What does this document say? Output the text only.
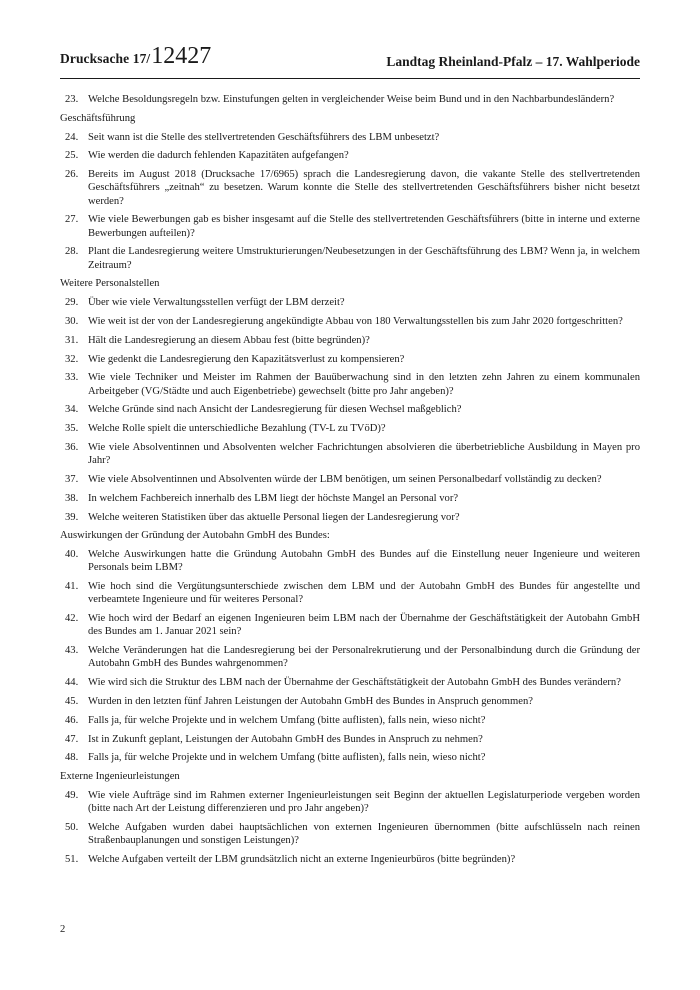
Drucksache 17/12427	Landtag Rheinland-Pfalz – 17. Wahlperiode
23. Welche Besoldungsregeln bzw. Einstufungen gelten in vergleichender Weise beim Bund und in den Nachbarbundesländern?
Geschäftsführung
24. Seit wann ist die Stelle des stellvertretenden Geschäftsführers des LBM unbesetzt?
25. Wie werden die dadurch fehlenden Kapazitäten aufgefangen?
26. Bereits im August 2018 (Drucksache 17/6965) sprach die Landesregierung davon, die vakante Stelle des stellvertretenden Geschäftsführers „zeitnah“ zu besetzen. Warum konnte die Stelle des stellvertretenden Geschäftsführers bisher nicht besetzt werden?
27. Wie viele Bewerbungen gab es bisher insgesamt auf die Stelle des stellvertretenden Geschäftsführers (bitte in interne und externe Bewerbungen aufteilen)?
28. Plant die Landesregierung weitere Umstrukturierungen/Neubesetzungen in der Geschäftsführung des LBM? Wenn ja, in welchem Zeitraum?
Weitere Personalstellen
29. Über wie viele Verwaltungsstellen verfügt der LBM derzeit?
30. Wie weit ist der von der Landesregierung angekündigte Abbau von 180 Verwaltungsstellen bis zum Jahr 2020 fortgeschritten?
31. Hält die Landesregierung an diesem Abbau fest (bitte begründen)?
32. Wie gedenkt die Landesregierung den Kapazitätsverlust zu kompensieren?
33. Wie viele Techniker und Meister im Rahmen der Bauüberwachung sind in den letzten zehn Jahren zu einem kommunalen Arbeitgeber (VG/Städte und auch Eigenbetriebe) gewechselt (bitte pro Jahr angeben)?
34. Welche Gründe sind nach Ansicht der Landesregierung für diesen Wechsel maßgeblich?
35. Welche Rolle spielt die unterschiedliche Bezahlung (TV-L zu TVöD)?
36. Wie viele Absolventinnen und Absolventen welcher Fachrichtungen absolvieren die überbetriebliche Ausbildung in Mayen pro Jahr?
37. Wie viele Absolventinnen und Absolventen würde der LBM benötigen, um seinen Personalbedarf vollständig zu decken?
38. In welchem Fachbereich innerhalb des LBM liegt der höchste Mangel an Personal vor?
39. Welche weiteren Statistiken über das aktuelle Personal liegen der Landesregierung vor?
Auswirkungen der Gründung der Autobahn GmbH des Bundes:
40. Welche Auswirkungen hatte die Gründung Autobahn GmbH des Bundes auf die Einstellung neuer Ingenieure und weiteren Personals beim LBM?
41. Wie hoch sind die Vergütungsunterschiede zwischen dem LBM und der Autobahn GmbH des Bundes für angestellte und verbeamtete Ingenieure und für weiteres Personal?
42. Wie hoch wird der Bedarf an eigenen Ingenieuren beim LBM nach der Übernahme der Geschäftstätigkeit der Autobahn GmbH des Bundes am 1. Januar 2021 sein?
43. Welche Veränderungen hat die Landesregierung bei der Personalrekrutierung und der Personalbindung durch die Gründung der Autobahn GmbH des Bundes wahrgenommen?
44. Wie wird sich die Struktur des LBM nach der Übernahme der Geschäftstätigkeit der Autobahn GmbH des Bundes verändern?
45. Wurden in den letzten fünf Jahren Leistungen der Autobahn GmbH des Bundes in Anspruch genommen?
46. Falls ja, für welche Projekte und in welchem Umfang (bitte auflisten), falls nein, wieso nicht?
47. Ist in Zukunft geplant, Leistungen der Autobahn GmbH des Bundes in Anspruch zu nehmen?
48. Falls ja, für welche Projekte und in welchem Umfang (bitte auflisten), falls nein, wieso nicht?
Externe Ingenieurleistungen
49. Wie viele Aufträge sind im Rahmen externer Ingenieurleistungen seit Beginn der aktuellen Legislaturperiode vergeben worden (bitte nach Art der Leistung differenzieren und pro Jahr angeben)?
50. Welche Aufgaben wurden dabei hauptsächlichen von externen Ingenieuren übernommen (bitte aufschlüsseln nach reinen Straßenbauplanungen und sonstigen Leistungen)?
51. Welche Aufgaben verteilt der LBM grundsätzlich nicht an externe Ingenieurbüros (bitte begründen)?
2
